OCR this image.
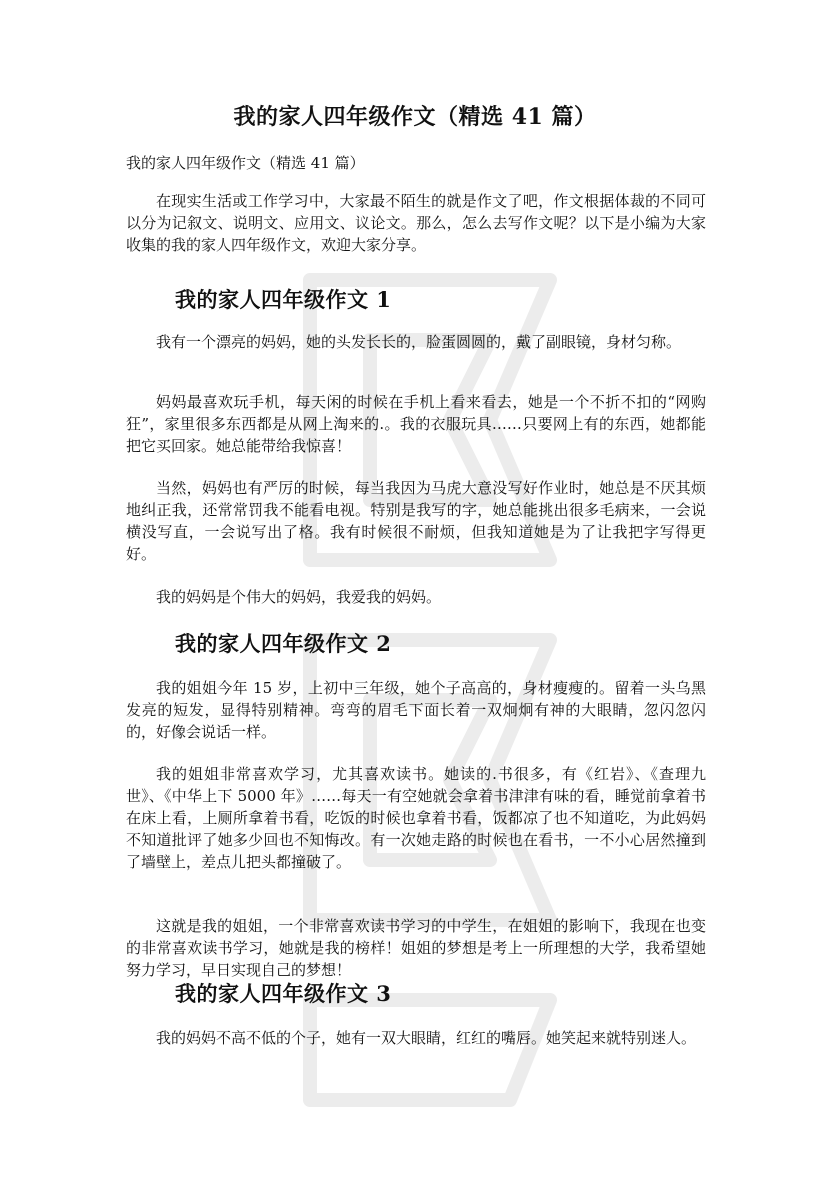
我的家人四年级作文（精选 41 篇）

我的家人四年级作文（精选 41 篇）

在现实生活或工作学习中，大家最不陌生的就是作文了吧，作文根据体裁的不同可以分为记叙文、说明文、应用文、议论文。那么，怎么去写作文呢？以下是小编为大家收集的我的家人四年级作文，欢迎大家分享。

我的家人四年级作文 1

我有一个漂亮的妈妈，她的头发长长的，脸蛋圆圆的，戴了副眼镜，身材匀称。

妈妈最喜欢玩手机，每天闲的时候在手机上看来看去，她是一个不折不扣的“网购狂”，家里很多东西都是从网上淘来的.。我的衣服玩具……只要网上有的东西，她都能把它买回家。她总能带给我惊喜！

当然，妈妈也有严厉的时候，每当我因为马虎大意没写好作业时，她总是不厌其烦地纠正我，还常常罚我不能看电视。特别是我写的字，她总能挑出很多毛病来，一会说横没写直，一会说写出了格。我有时候很不耐烦，但我知道她是为了让我把字写得更好。

我的妈妈是个伟大的妈妈，我爱我的妈妈。

我的家人四年级作文 2

我的姐姐今年 15 岁，上初中三年级，她个子高高的，身材瘦瘦的。留着一头乌黑发亮的短发，显得特别精神。弯弯的眉毛下面长着一双炯炯有神的大眼睛，忽闪忽闪的，好像会说话一样。

我的姐姐非常喜欢学习，尤其喜欢读书。她读的.书很多，有《红岩》、《查理九世》、《中华上下 5000 年》……每天一有空她就会拿着书津津有味的看，睡觉前拿着书在床上看，上厕所拿着书看，吃饭的时候也拿着书看，饭都凉了也不知道吃，为此妈妈不知道批评了她多少回也不知悔改。有一次她走路的时候也在看书，一不小心居然撞到了墙壁上，差点儿把头都撞破了。

这就是我的姐姐，一个非常喜欢读书学习的中学生，在姐姐的影响下，我现在也变的非常喜欢读书学习，她就是我的榜样！姐姐的梦想是考上一所理想的大学，我希望她努力学习，早日实现自己的梦想！

我的家人四年级作文 3

我的妈妈不高不低的个子，她有一双大眼睛，红红的嘴唇。她笑起来就特别迷人。
